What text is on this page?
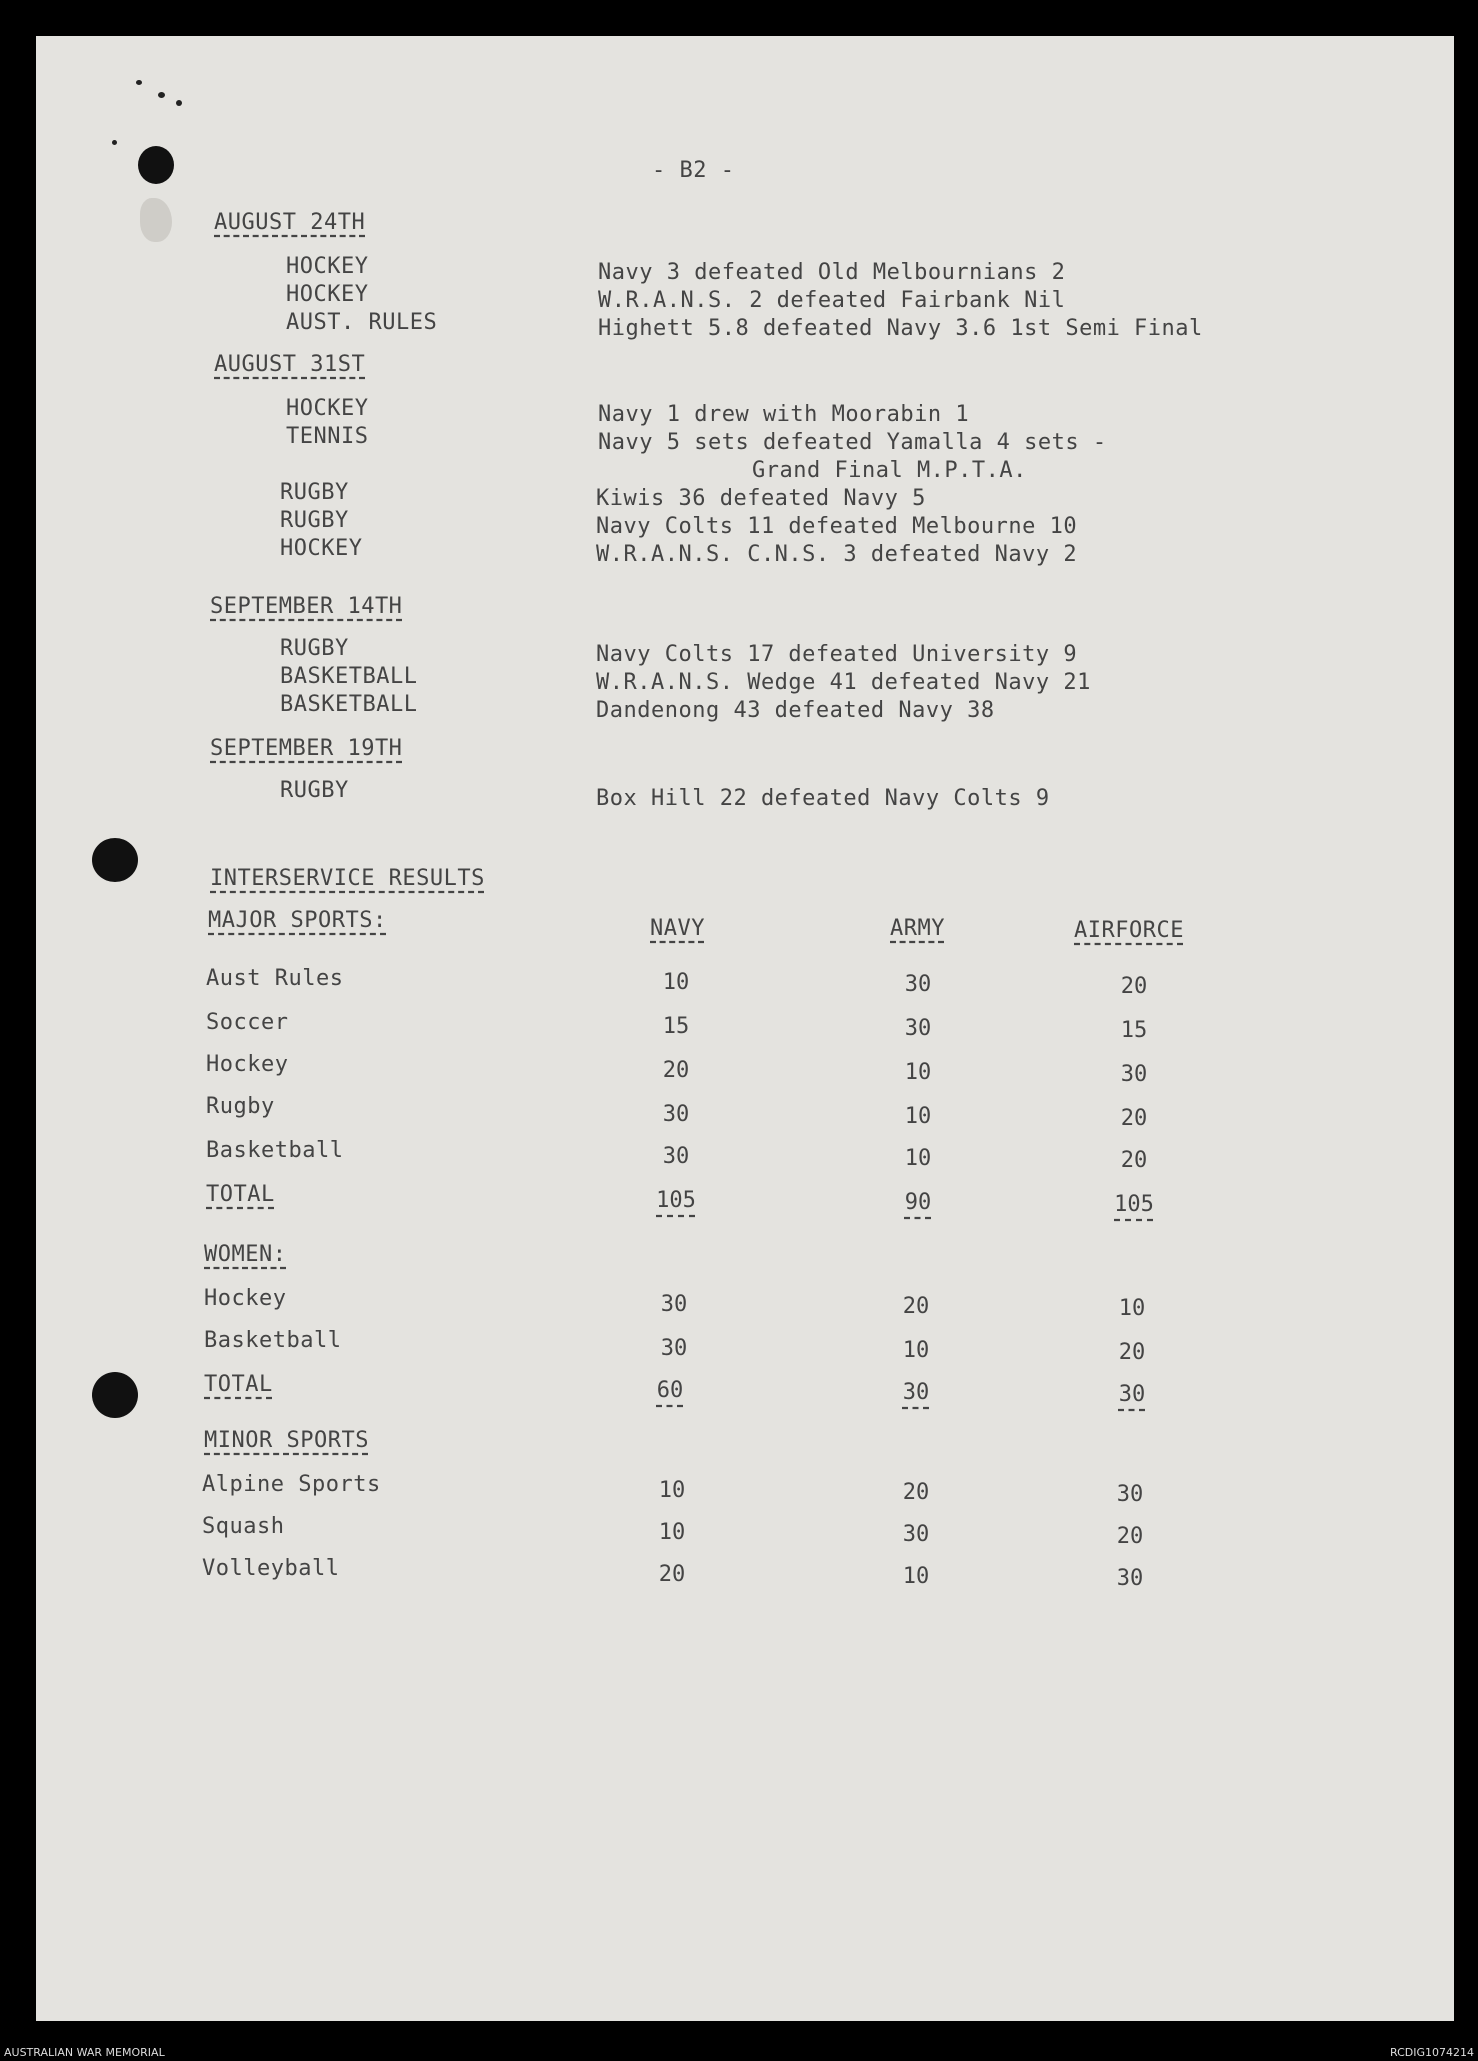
- B2 -
AUGUST 24TH
HOCKEY	Navy 3 defeated Old Melbournians 2
HOCKEY	W.R.A.N.S. 2 defeated Fairbank Nil
AUST. RULES	Highett 5.8 defeated Navy 3.6 1st Semi Final
AUGUST 31ST
HOCKEY	Navy 1 drew with Moorabin 1
TENNIS	Navy 5 sets defeated Yamalla 4 sets -
Grand Final M.P.T.A.
RUGBY	Kiwis 36 defeated Navy 5
RUGBY	Navy Colts 11 defeated Melbourne 10
HOCKEY	W.R.A.N.S. C.N.S. 3 defeated Navy 2
SEPTEMBER 14TH
RUGBY	Navy Colts 17 defeated University 9
BASKETBALL	W.R.A.N.S. Wedge 41 defeated Navy 21
BASKETBALL	Dandenong 43 defeated Navy 38
SEPTEMBER 19TH
RUGBY	Box Hill 22 defeated Navy Colts 9
INTERSERVICE RESULTS
MAJOR SPORTS:	NAVY	ARMY	AIRFORCE
Aust Rules	10	30	20
Soccer	15	30	15
Hockey	20	10	30
Rugby	30	10	20
Basketball	30	10	20
TOTAL	105	90	105
WOMEN:
Hockey	30	20	10
Basketball	30	10	20
TOTAL	60	30	30
MINOR SPORTS
Alpine Sports	10	20	30
Squash	10	30	20
Volleyball	20	10	30
AUSTRALIAN WAR MEMORIAL	RCDIG1074214
